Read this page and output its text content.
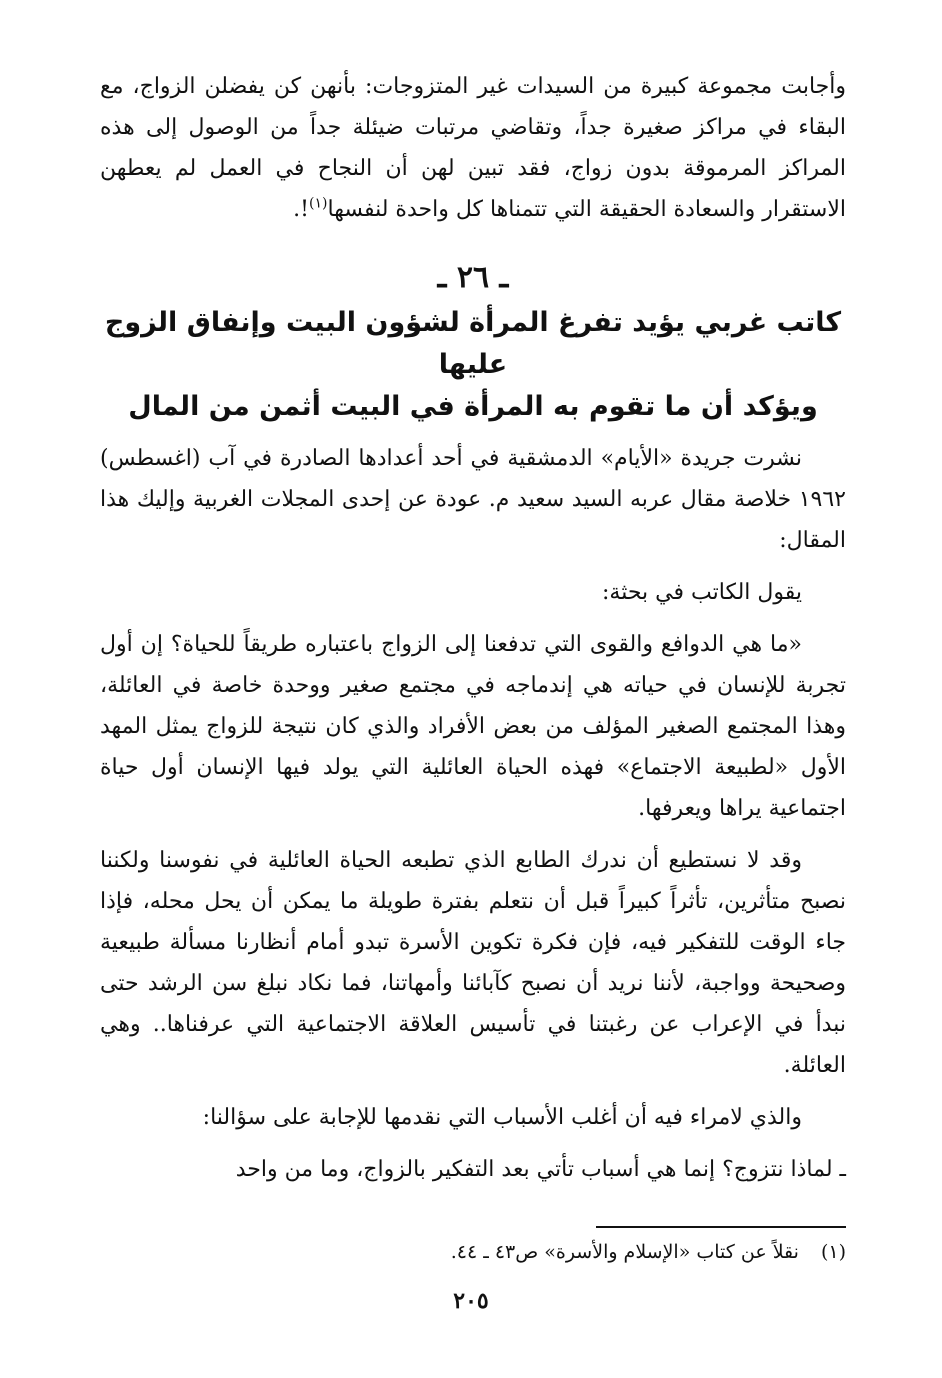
وأجابت مجموعة كبيرة من السيدات غير المتزوجات: بأنهن كن يفضلن الزواج، مع البقاء في مراكز صغيرة جداً، وتقاضي مرتبات ضيئلة جداً من الوصول إلى هذه المراكز المرموقة بدون زواج، فقد تبين لهن أن النجاح في العمل لم يعطهن الاستقرار والسعادة الحقيقة التي تتمناها كل واحدة لنفسها$^{(١)}$!.

ـ ٢٦ ـ
كاتب غربي يؤيد تفرغ المرأة لشؤون البيت وإنفاق الزوج عليها
ويؤكد أن ما تقوم به المرأة في البيت أثمن من المال

نشرت جريدة «الأيام» الدمشقية في أحد أعدادها الصادرة في آب (اغسطس) ١٩٦٢ خلاصة مقال عربه السيد سعيد م. عودة عن إحدى المجلات الغربية وإليك هذا المقال:

يقول الكاتب في بحثة:

«ما هي الدوافع والقوى التي تدفعنا إلى الزواج باعتباره طريقاً للحياة؟ إن أول تجربة للإنسان في حياته هي إندماجه في مجتمع صغير ووحدة خاصة في العائلة، وهذا المجتمع الصغير المؤلف من بعض الأفراد والذي كان نتيجة للزواج يمثل المهد الأول «لطبيعة الاجتماع» فهذه الحياة العائلية التي يولد فيها الإنسان أول حياة اجتماعية يراها ويعرفها.

وقد لا نستطيع أن ندرك الطابع الذي تطبعه الحياة العائلية في نفوسنا ولكننا نصبح متأثرين، تأثراً كبيراً قبل أن نتعلم بفترة طويلة ما يمكن أن يحل محله، فإذا جاء الوقت للتفكير فيه، فإن فكرة تكوين الأسرة تبدو أمام أنظارنا مسألة طبيعية وصحيحة وواجبة، لأننا نريد أن نصبح كآبائنا وأمهاتنا، فما نكاد نبلغ سن الرشد حتى نبدأ في الإعراب عن رغبتنا في تأسيس العلاقة الاجتماعية التي عرفناها.. وهي العائلة.

والذي لامراء فيه أن أغلب الأسباب التي نقدمها للإجابة على سؤالنا:

ـ لماذا نتزوج؟ إنما هي أسباب تأتي بعد التفكير بالزواج، وما من واحد

(١)نقلاً عن كتاب «الإسلام والأسرة» ص٤٣ ـ ٤٤.

٢٠٥
